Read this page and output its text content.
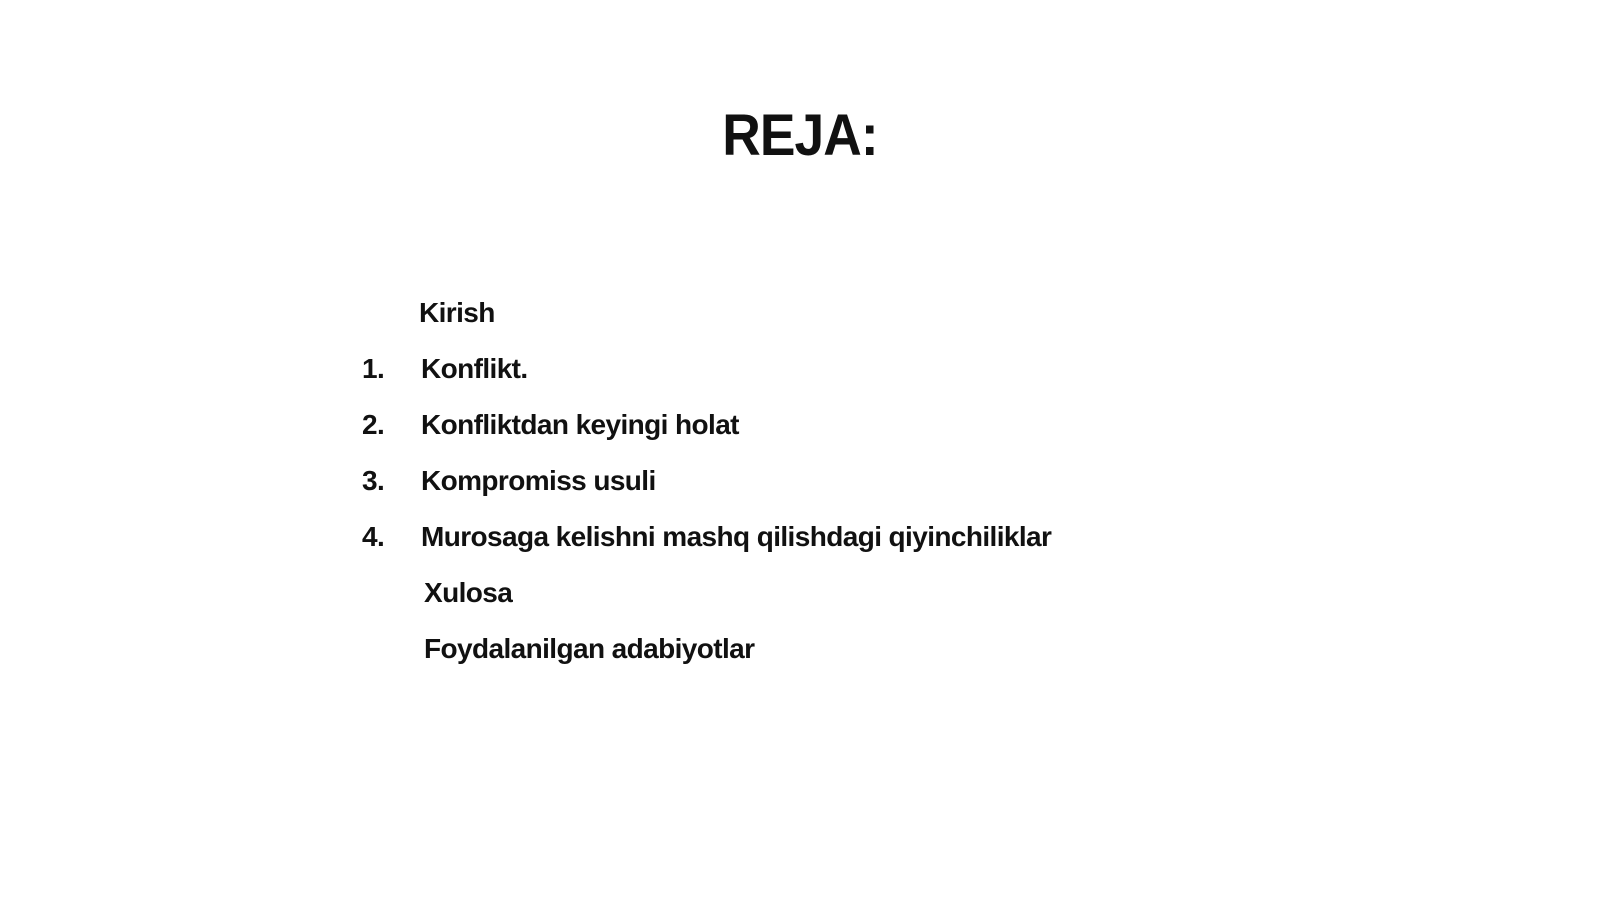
REJA:
Kirish
1.	Konflikt.
2.	Konfliktdan keyingi holat
3.	Kompromiss usuli
4.	Murosaga kelishni mashq qilishdagi qiyinchiliklar
Xulosa
Foydalanilgan adabiyotlar
